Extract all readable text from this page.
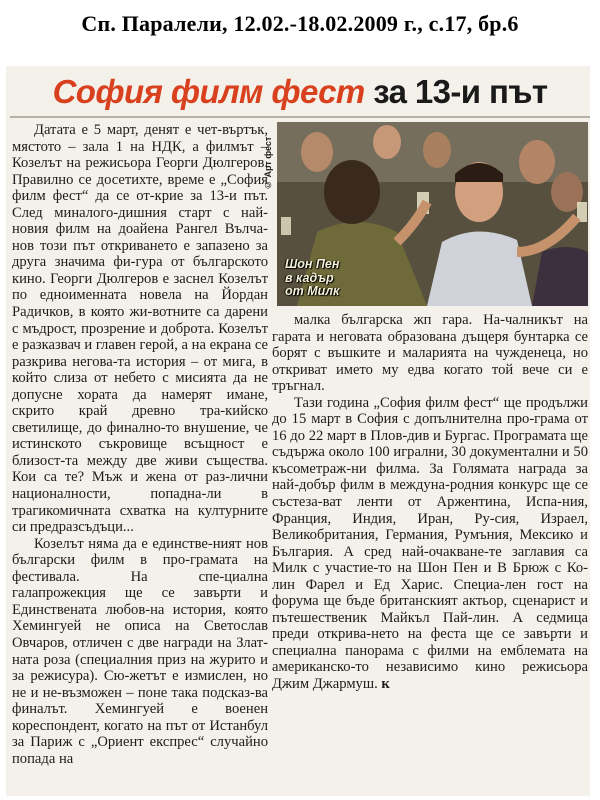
Сп. Паралели, 12.02.-18.02.2009 г., с.17, бр.6
София филм фест за 13-и път
© Арт фест
Шон Пен
в кадър
от Милк

Датата е 5 март, денят е чет-въртък, мястото – зала 1 на НДК, а филмът – Козелът на режисьора Георги Дюлгеров. Правилно се досетихте, време е „София филм фест“ да се от-крие за 13-и път. След миналого-дишния старт с най-новия филм на доайена Рангел Вълча-нов този път откриването е запазено за друга значима фи-гура от българското кино. Георги Дюлгеров е заснел Козелът по едноименната новела на Йордан Радичков, в която жи-вотните са дарени с мъдрост, прозрение и доброта. Козелът е разказвач и главен герой, а на екрана се разкрива негова-та история – от мига, в който слиза от небето с мисията да не допусне хората да намерят имане, скрито край древно тра-кийско светилище, до финално-то внушение, че истинското съкровище всъщност е близост-та между две живи същества. Кои са те? Мъж и жена от раз-лични националности, попадна-ли в трагикомичната схватка на културните си предразсъдъци...

Козелът няма да е единстве-ният нов български филм в про-грамата на фестивала. На спе-циална галапрожекция ще се завърти и Единствената любов-на история, която Хемингуей не описа на Светослав Овчаров, отличен с две награди на Злат-ната роза (специалния приз на журито и за режисура). Сю-жетът е измислен, но не и не-възможен – поне така подсказ-ва финалът. Хемингуей е военен кореспондент, когато на път от Истанбул за Париж с „Ориент експрес“ случайно попада на

малка българска жп гара. На-чалникът на гарата и неговата образована дъщеря бунтарка се борят с въшките и маларията на чужденеца, но откриват името му едва когато той вече си е тръгнал.

Тази година „София филм фест“ ще продължи до 15 март в София с допълнителна про-грама от 16 до 22 март в Плов-див и Бургас. Програмата ще съдържа около 100 игрални, 30 документални и 50 късометраж-ни филма. За Голямата награда за най-добър филм в междуна-родния конкурс ще се състеза-ват ленти от Аржентина, Испа-ния, Франция, Индия, Иран, Ру-сия, Израел, Великобритания, Германия, Румъния, Мексико и България. А сред най-очакване-те заглавия са Милк с участие-то на Шон Пен и В Брюж с Ко-лин Фарел и Ед Харис. Специа-лен гост на форума ще бъде британският актьор, сценарист и пътешественик Майкъл Пай-лин. А седмица преди открива-нето на феста ще се завърти и специална панорама с филми на емблемата на американско-то независимо кино режисьора Джим Джармуш. к
